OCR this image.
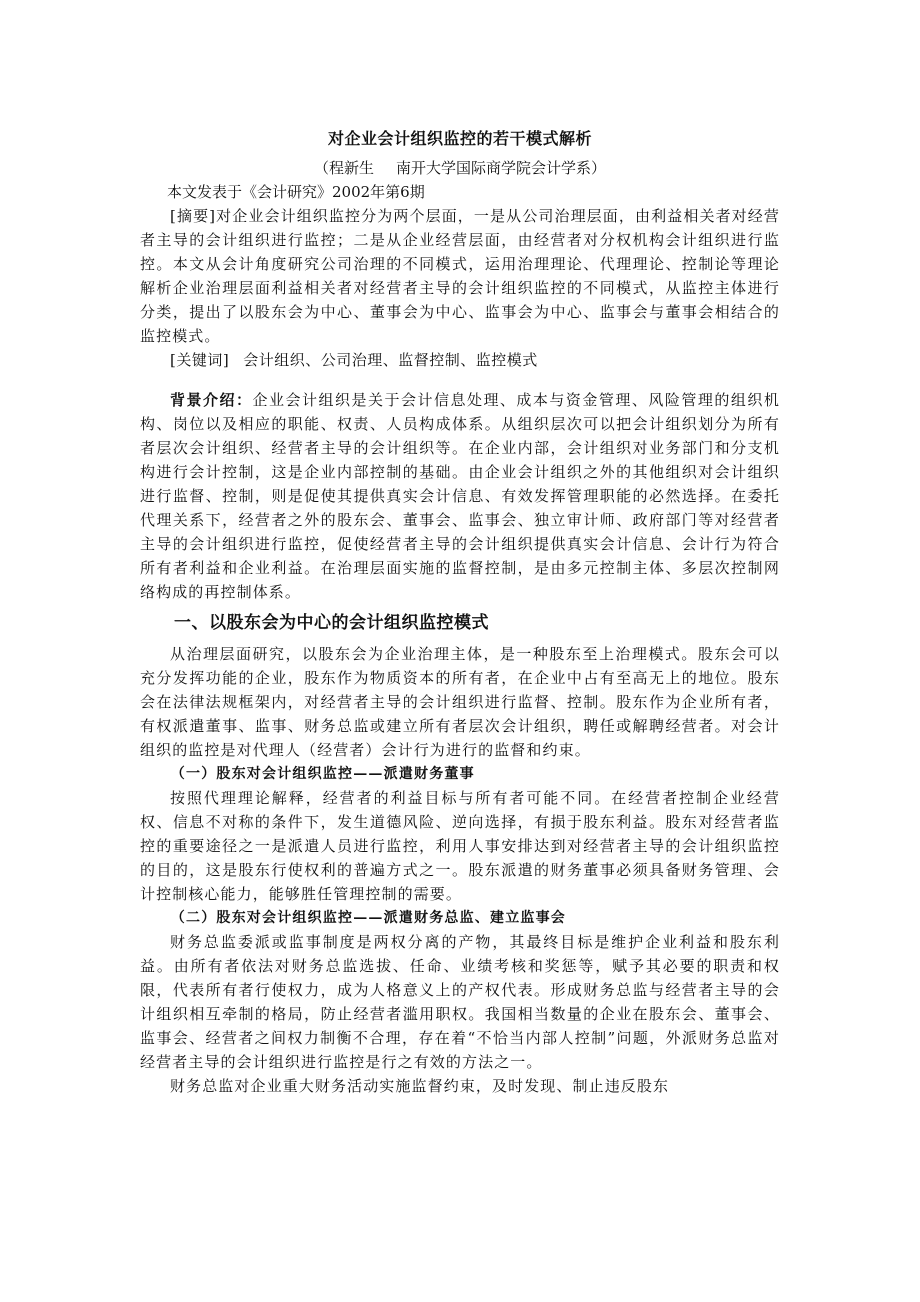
对企业会计组织监控的若干模式解析
（程新生 南开大学国际商学院会计学系）

本文发表于《会计研究》2002年第6期

[摘要]对企业会计组织监控分为两个层面，一是从公司治理层面，由利益相关者对经营者主导的会计组织进行监控；二是从企业经营层面，由经营者对分权机构会计组织进行监控。本文从会计角度研究公司治理的不同模式，运用治理理论、代理理论、控制论等理论解析企业治理层面利益相关者对经营者主导的会计组织监控的不同模式，从监控主体进行分类，提出了以股东会为中心、董事会为中心、监事会为中心、监事会与董事会相结合的监控模式。

[关键词] 会计组织、公司治理、监督控制、监控模式

背景介绍：企业会计组织是关于会计信息处理、成本与资金管理、风险管理的组织机构、岗位以及相应的职能、权责、人员构成体系。从组织层次可以把会计组织划分为所有者层次会计组织、经营者主导的会计组织等。在企业内部，会计组织对业务部门和分支机构进行会计控制，这是企业内部控制的基础。由企业会计组织之外的其他组织对会计组织进行监督、控制，则是促使其提供真实会计信息、有效发挥管理职能的必然选择。在委托代理关系下，经营者之外的股东会、董事会、监事会、独立审计师、政府部门等对经营者主导的会计组织进行监控，促使经营者主导的会计组织提供真实会计信息、会计行为符合所有者利益和企业利益。在治理层面实施的监督控制，是由多元控制主体、多层次控制网络构成的再控制体系。

一、以股东会为中心的会计组织监控模式

从治理层面研究，以股东会为企业治理主体，是一种股东至上治理模式。股东会可以充分发挥功能的企业，股东作为物质资本的所有者，在企业中占有至高无上的地位。股东会在法律法规框架内，对经营者主导的会计组织进行监督、控制。股东作为企业所有者，有权派遣董事、监事、财务总监或建立所有者层次会计组织，聘任或解聘经营者。对会计组织的监控是对代理人（经营者）会计行为进行的监督和约束。

（一）股东对会计组织监控——派遣财务董事

按照代理理论解释，经营者的利益目标与所有者可能不同。在经营者控制企业经营权、信息不对称的条件下，发生道德风险、逆向选择，有损于股东利益。股东对经营者监控的重要途径之一是派遣人员进行监控，利用人事安排达到对经营者主导的会计组织监控的目的，这是股东行使权利的普遍方式之一。股东派遣的财务董事必须具备财务管理、会计控制核心能力，能够胜任管理控制的需要。

（二）股东对会计组织监控——派遣财务总监、建立监事会

财务总监委派或监事制度是两权分离的产物，其最终目标是维护企业利益和股东利益。由所有者依法对财务总监选拔、任命、业绩考核和奖惩等，赋予其必要的职责和权限，代表所有者行使权力，成为人格意义上的产权代表。形成财务总监与经营者主导的会计组织相互牵制的格局，防止经营者滥用职权。我国相当数量的企业在股东会、董事会、监事会、经营者之间权力制衡不合理，存在着“不恰当内部人控制”问题，外派财务总监对经营者主导的会计组织进行监控是行之有效的方法之一。

财务总监对企业重大财务活动实施监督约束，及时发现、制止违反股东
